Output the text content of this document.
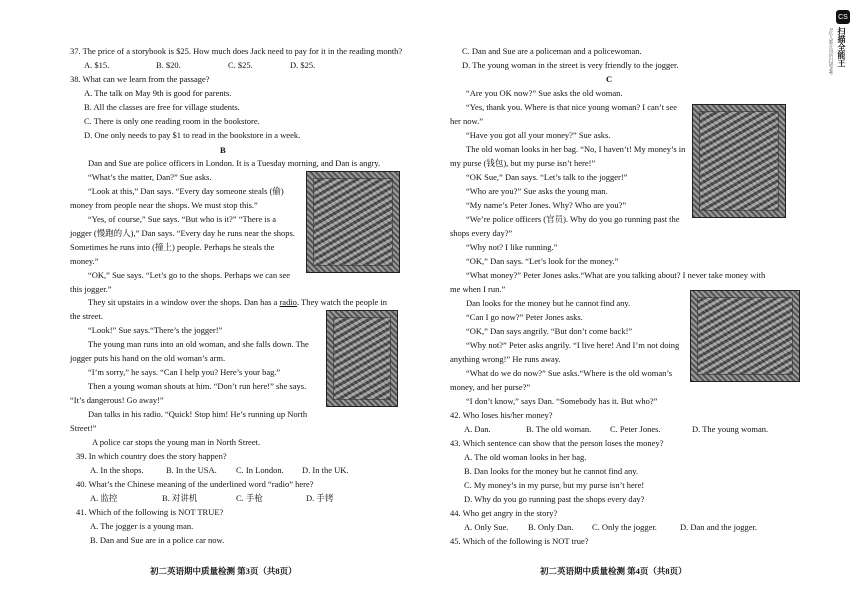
37. The price of a storybook is $25. How much does Jack need to pay for it in the reading month?
A. $15.	B. $20.	C. $25.	D. $25.
38. What can we learn from the passage?
A. The talk on May 9th is good for parents.
B. All the classes are free for village students.
C. There is only one reading room in the bookstore.
D. One only needs to pay $1 to read in the bookstore in a week.
B
Dan and Sue are police officers in London. It is a Tuesday morning, and Dan is angry.
“What’s the matter, Dan?” Sue asks.
“Look at this,” Dan says. “Every day someone steals (偷)
money from people near the shops. We must stop this.”
“Yes, of course,” Sue says. “But who is it?” “There is a
jogger (慢跑的人),” Dan says. “Every day he runs near the shops.
Sometimes he runs into (撞上) people. Perhaps he steals the
money.”
“OK,” Sue says. “Let’s go to the shops. Perhaps we can see
this jogger.”
They sit upstairs in a window over the shops. Dan has a radio. They watch the people in
the street.
“Look!” Sue says.“There’s the jogger!”
The young man runs into an old woman, and she falls down. The
jogger puts his hand on the old woman’s arm.
“I’m sorry,” he says. “Can I help you? Here’s your bag.”
Then a young woman shouts at him. “Don’t run here!” she says.
“It’s dangerous! Go away!”
Dan talks in his radio. “Quick! Stop him! He’s running up North
Street!”
A police car stops the young man in North Street.
39. In which country does the story happen?
A. In the shops.	B. In the USA.	C. In London.	D. In the UK.
40. What’s the Chinese meaning of the underlined word “radio” here?
A. 监控	B. 对讲机	C. 手枪	D. 手铐
41. Which of the following is NOT TRUE?
A. The jogger is a young man.
B. Dan and Sue are in a police car now.
初二英语期中质量检测 第3页（共8页）
C. Dan and Sue are a policeman and a policewoman.
D. The young woman in the street is very friendly to the jogger.
C
“Are you OK now?” Sue asks the old woman.
“Yes, thank you. Where is that nice young woman? I can’t see
her now.”
“Have you got all your money?” Sue asks.
The old woman looks in her bag. “No, I haven’t! My money’s in
my purse (钱包), but my purse isn’t here!”
“OK Sue,” Dan says. “Let’s talk to the jogger!”
“Who are you?” Sue asks the young man.
“My name’s Peter Jones. Why? Who are you?”
“We’re police officers (官员). Why do you go running past the
shops every day?”
“Why not? I like running.”
“OK,” Dan says. “Let’s look for the money.”
“What money?” Peter Jones asks.“What are you talking about? I never take money with
me when I run.”
Dan looks for the money but he cannot find any.
“Can I go now?” Peter Jones asks.
“OK,” Dan says angrily. “But don’t come back!”
“Why not?” Peter asks angrily. “I live here! And I’m not doing
anything wrong!” He runs away.
“What do we do now?” Sue asks.“Where is the old woman’s
money, and her purse?”
“I don’t know,” says Dan. “Somebody has it. But who?”
42. Who loses his/her money?
A. Dan.	B. The old woman.	C. Peter Jones.	D. The young woman.
43. Which sentence can show that the person loses the money?
A. The old woman looks in her bag.
B. Dan looks for the money but he cannot find any.
C. My money’s in my purse, but my purse isn’t here!
D. Why do you go running past the shops every day?
44. Who get angry in the story?
A. Only Sue.	B. Only Dan.	C. Only the jogger.	D. Dan and the jogger.
45. Which of the following is NOT true?
初二英语期中质量检测 第4页（共8页）
CS
扫描全能王
3亿人都在用的扫描App
